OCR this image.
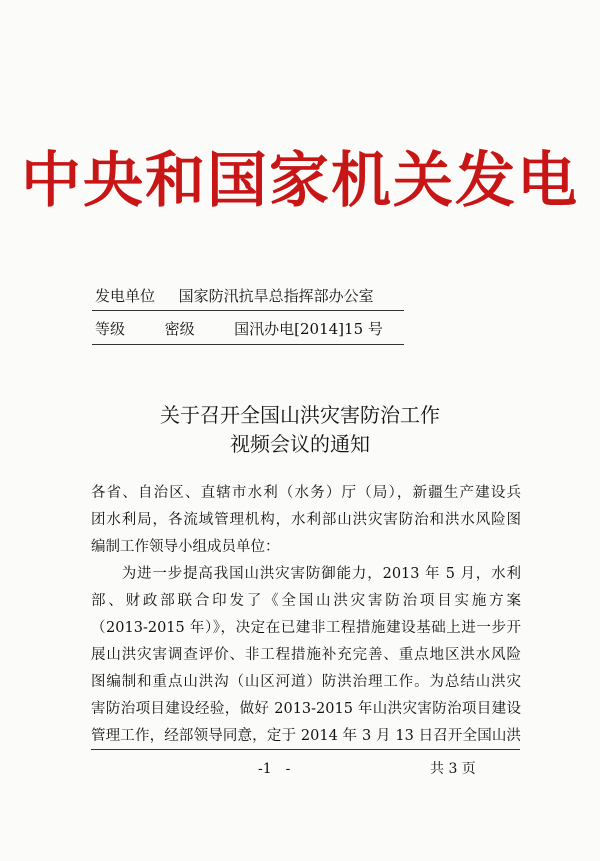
中央和国家机关发电
发电单位 国家防汛抗旱总指挥部办公室
等级	密级	国汛办电[2014]15 号
关于召开全国山洪灾害防治工作
视频会议的通知
各省、自治区、直辖市水利（水务）厅（局），新疆生产建设兵
团水利局，各流域管理机构，水利部山洪灾害防治和洪水风险图
编制工作领导小组成员单位：
　　为进一步提高我国山洪灾害防御能力，2013 年 5 月，水利
部、财政部联合印发了《全国山洪灾害防治项目实施方案
（2013-2015 年）》，决定在已建非工程措施建设基础上进一步开
展山洪灾害调查评价、非工程措施补充完善、重点地区洪水风险
图编制和重点山洪沟（山区河道）防洪治理工作。为总结山洪灾
害防治项目建设经验，做好 2013-2015 年山洪灾害防治项目建设
管理工作，经部领导同意，定于 2014 年 3 月 13 日召开全国山洪
-1　-	共 3 页
